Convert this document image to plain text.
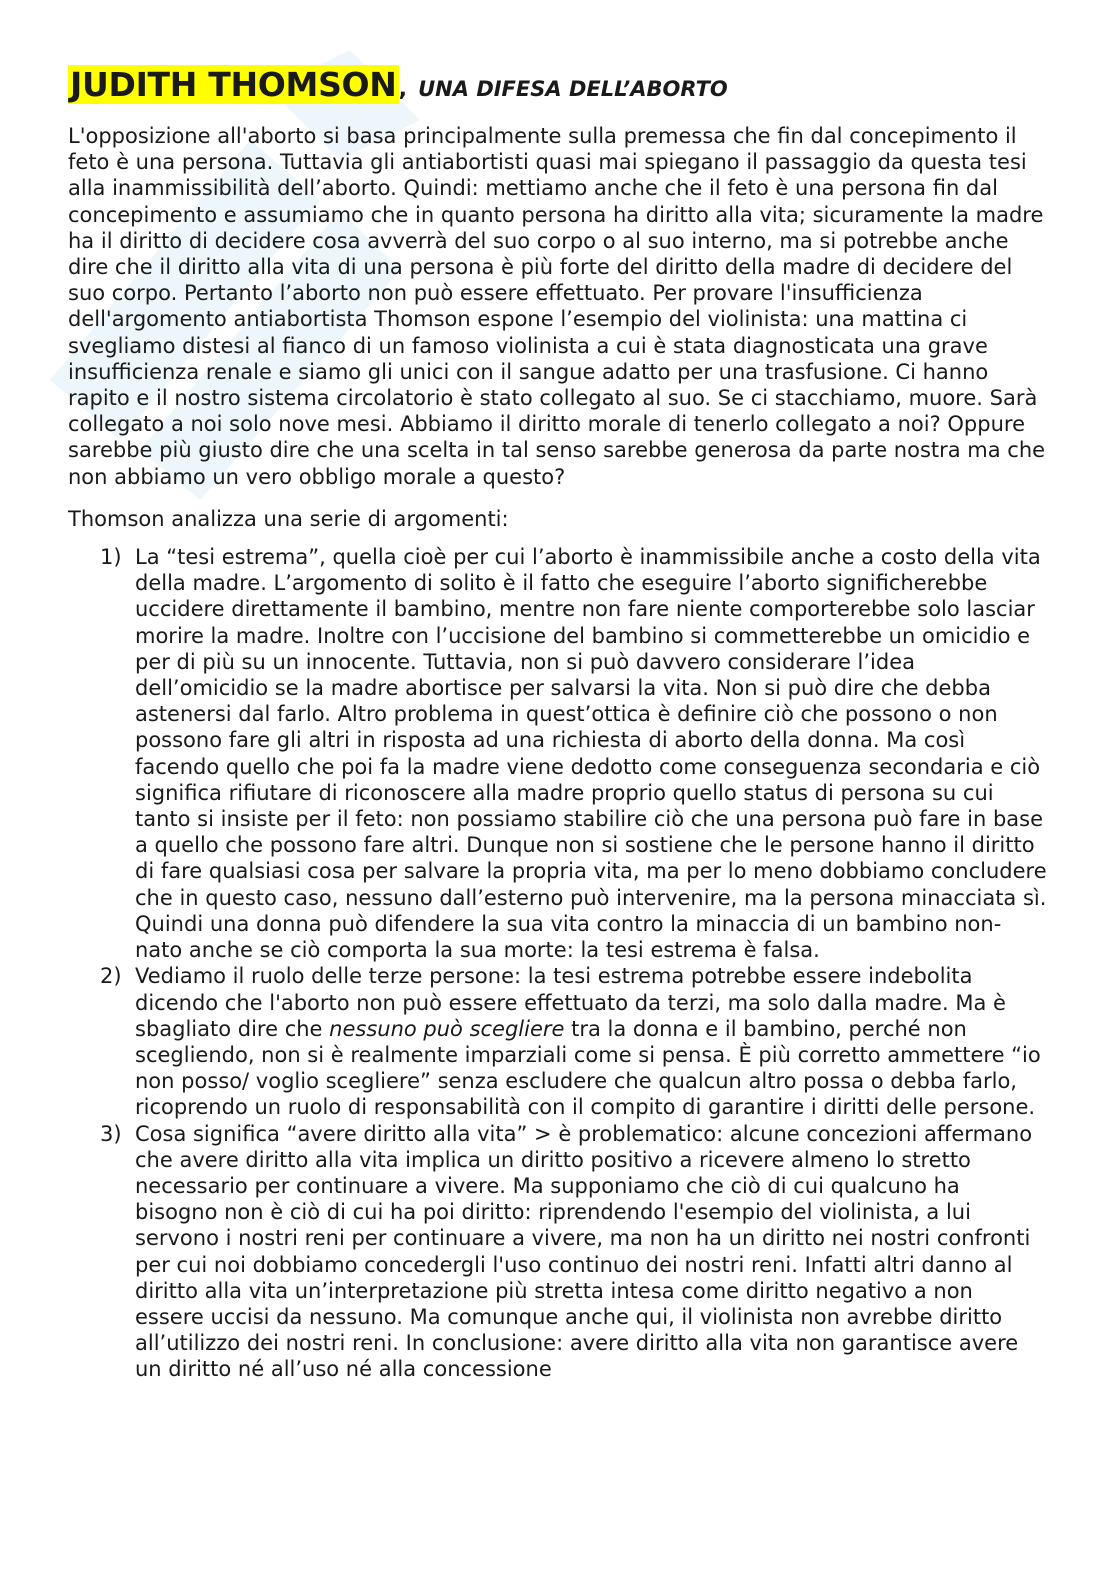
JUDITH THOMSON, UNA DIFESA DELL’ABORTO

L'opposizione all'aborto si basa principalmente sulla premessa che fin dal concepimento il feto è una persona. Tuttavia gli antiabortisti quasi mai spiegano il passaggio da questa tesi alla inammissibilità dell’aborto. Quindi: mettiamo anche che il feto è una persona fin dal concepimento e assumiamo che in quanto persona ha diritto alla vita; sicuramente la madre ha il diritto di decidere cosa avverrà del suo corpo o al suo interno, ma si potrebbe anche dire che il diritto alla vita di una persona è più forte del diritto della madre di decidere del suo corpo. Pertanto l’aborto non può essere effettuato. Per provare l'insufficienza dell'argomento antiabortista Thomson espone l’esempio del violinista: una mattina ci svegliamo distesi al fianco di un famoso violinista a cui è stata diagnosticata una grave insufficienza renale e siamo gli unici con il sangue adatto per una trasfusione. Ci hanno rapito e il nostro sistema circolatorio è stato collegato al suo. Se ci stacchiamo, muore. Sarà collegato a noi solo nove mesi. Abbiamo il diritto morale di tenerlo collegato a noi? Oppure sarebbe più giusto dire che una scelta in tal senso sarebbe generosa da parte nostra ma che non abbiamo un vero obbligo morale a questo?

Thomson analizza una serie di argomenti:

1) La “tesi estrema”, quella cioè per cui l’aborto è inammissibile anche a costo della vita della madre. L’argomento di solito è il fatto che eseguire l’aborto significherebbe uccidere direttamente il bambino, mentre non fare niente comporterebbe solo lasciar morire la madre. Inoltre con l’uccisione del bambino si commetterebbe un omicidio e per di più su un innocente. Tuttavia, non si può davvero considerare l’idea dell’omicidio se la madre abortisce per salvarsi la vita. Non si può dire che debba astenersi dal farlo. Altro problema in quest’ottica è definire ciò che possono o non possono fare gli altri in risposta ad una richiesta di aborto della donna. Ma così facendo quello che poi fa la madre viene dedotto come conseguenza secondaria e ciò significa rifiutare di riconoscere alla madre proprio quello status di persona su cui tanto si insiste per il feto: non possiamo stabilire ciò che una persona può fare in base a quello che possono fare altri. Dunque non si sostiene che le persone hanno il diritto di fare qualsiasi cosa per salvare la propria vita, ma per lo meno dobbiamo concludere che in questo caso, nessuno dall’esterno può intervenire, ma la persona minacciata sì. Quindi una donna può difendere la sua vita contro la minaccia di un bambino non-nato anche se ciò comporta la sua morte: la tesi estrema è falsa.
2) Vediamo il ruolo delle terze persone: la tesi estrema potrebbe essere indebolita dicendo che l'aborto non può essere effettuato da terzi, ma solo dalla madre. Ma è sbagliato dire che nessuno può scegliere tra la donna e il bambino, perché non scegliendo, non si è realmente imparziali come si pensa. È più corretto ammettere “io non posso/ voglio scegliere” senza escludere che qualcun altro possa o debba farlo, ricoprendo un ruolo di responsabilità con il compito di garantire i diritti delle persone.
3) Cosa significa “avere diritto alla vita” > è problematico: alcune concezioni affermano che avere diritto alla vita implica un diritto positivo a ricevere almeno lo stretto necessario per continuare a vivere. Ma supponiamo che ciò di cui qualcuno ha bisogno non è ciò di cui ha poi diritto: riprendendo l'esempio del violinista, a lui servono i nostri reni per continuare a vivere, ma non ha un diritto nei nostri confronti per cui noi dobbiamo concedergli l'uso continuo dei nostri reni. Infatti altri danno al diritto alla vita un’interpretazione più stretta intesa come diritto negativo a non essere uccisi da nessuno. Ma comunque anche qui, il violinista non avrebbe diritto all’utilizzo dei nostri reni. In conclusione: avere diritto alla vita non garantisce avere un diritto né all’uso né alla concessione
